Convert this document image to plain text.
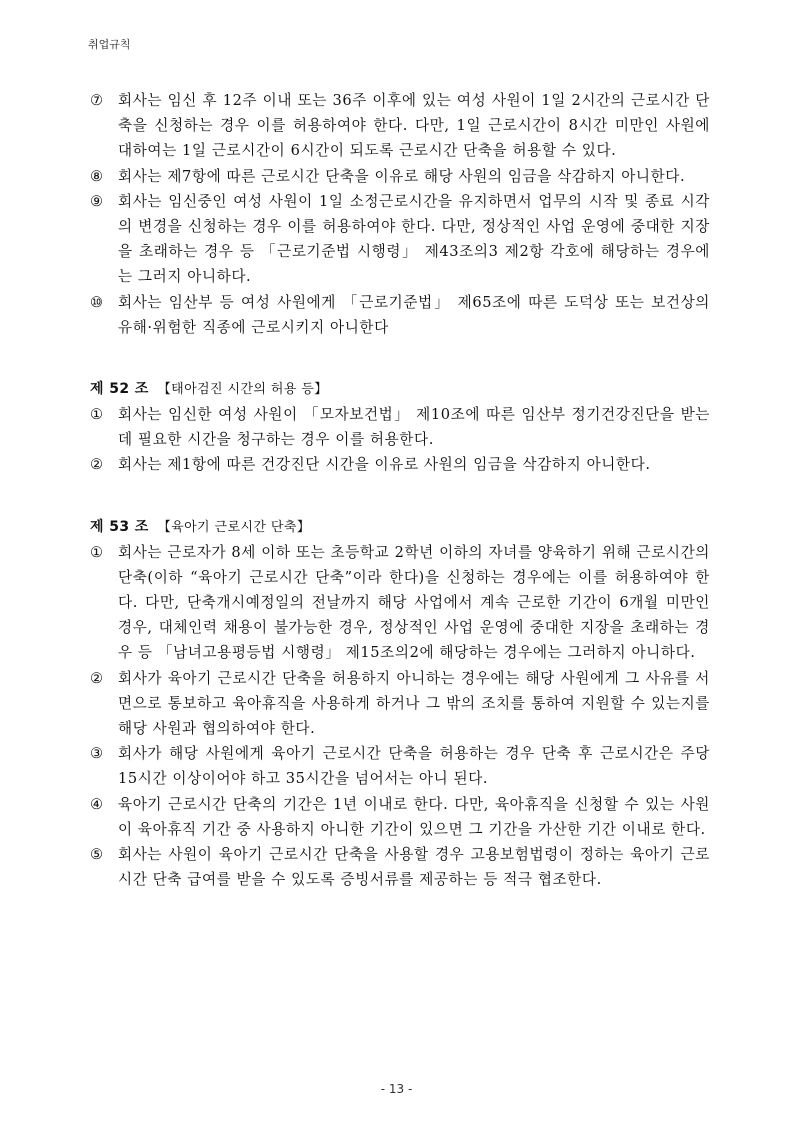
취업규칙
⑦ 회사는 임신 후 12주 이내 또는 36주 이후에 있는 여성 사원이 1일 2시간의 근로시간 단축을 신청하는 경우 이를 허용하여야 한다. 다만, 1일 근로시간이 8시간 미만인 사원에 대하여는 1일 근로시간이 6시간이 되도록 근로시간 단축을 허용할 수 있다.
⑧ 회사는 제7항에 따른 근로시간 단축을 이유로 해당 사원의 임금을 삭감하지 아니한다.
⑨ 회사는 임신중인 여성 사원이 1일 소정근로시간을 유지하면서 업무의 시작 및 종료 시각의 변경을 신청하는 경우 이를 허용하여야 한다. 다만, 정상적인 사업 운영에 중대한 지장을 초래하는 경우 등 「근로기준법 시행령」 제43조의3 제2항 각호에 해당하는 경우에는 그러지 아니하다.
⑩ 회사는 임산부 등 여성 사원에게 「근로기준법」 제65조에 따른 도덕상 또는 보건상의 유해·위험한 직종에 근로시키지 아니한다
제 52 조 【태아검진 시간의 허용 등】
① 회사는 임신한 여성 사원이 「모자보건법」 제10조에 따른 임산부 정기건강진단을 받는데 필요한 시간을 청구하는 경우 이를 허용한다.
② 회사는 제1항에 따른 건강진단 시간을 이유로 사원의 임금을 삭감하지 아니한다.
제 53 조 【육아기 근로시간 단축】
① 회사는 근로자가 8세 이하 또는 초등학교 2학년 이하의 자녀를 양육하기 위해 근로시간의 단축(이하 “육아기 근로시간 단축”이라 한다)을 신청하는 경우에는 이를 허용하여야 한다. 다만, 단축개시예정일의 전날까지 해당 사업에서 계속 근로한 기간이 6개월 미만인 경우, 대체인력 채용이 불가능한 경우, 정상적인 사업 운영에 중대한 지장을 초래하는 경우 등 「남녀고용평등법 시행령」 제15조의2에 해당하는 경우에는 그러하지 아니하다.
② 회사가 육아기 근로시간 단축을 허용하지 아니하는 경우에는 해당 사원에게 그 사유를 서면으로 통보하고 육아휴직을 사용하게 하거나 그 밖의 조치를 통하여 지원할 수 있는지를 해당 사원과 협의하여야 한다.
③ 회사가 해당 사원에게 육아기 근로시간 단축을 허용하는 경우 단축 후 근로시간은 주당 15시간 이상이어야 하고 35시간을 넘어서는 아니 된다.
④ 육아기 근로시간 단축의 기간은 1년 이내로 한다. 다만, 육아휴직을 신청할 수 있는 사원이 육아휴직 기간 중 사용하지 아니한 기간이 있으면 그 기간을 가산한 기간 이내로 한다.
⑤ 회사는 사원이 육아기 근로시간 단축을 사용할 경우 고용보험법령이 정하는 육아기 근로시간 단축 급여를 받을 수 있도록 증빙서류를 제공하는 등 적극 협조한다.
- 13 -
